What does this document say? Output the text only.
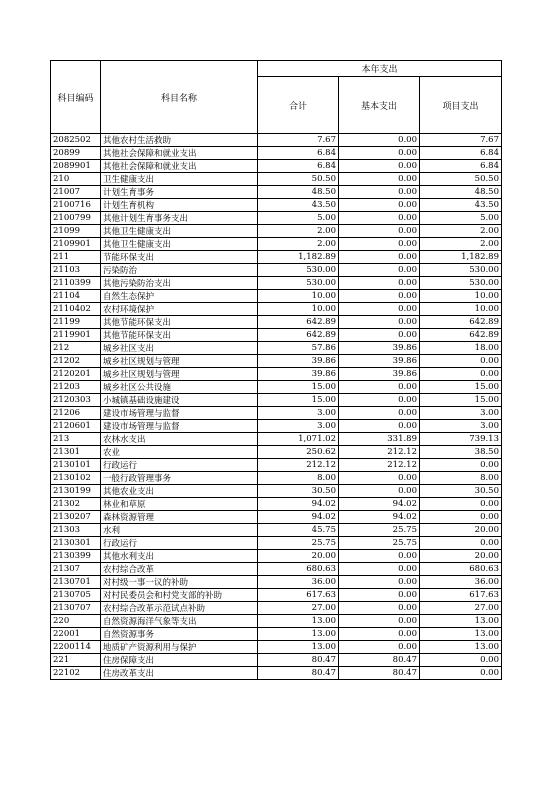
科目编码	科目名称	本年支出		
		合计	基本支出	项目支出
2082502	其他农村生活救助	7.67	0.00	7.67
20899	其他社会保障和就业支出	6.84	0.00	6.84
2089901	其他社会保障和就业支出	6.84	0.00	6.84
210	卫生健康支出	50.50	0.00	50.50
21007	计划生育事务	48.50	0.00	48.50
2100716	计划生育机构	43.50	0.00	43.50
2100799	其他计划生育事务支出	5.00	0.00	5.00
21099	其他卫生健康支出	2.00	0.00	2.00
2109901	其他卫生健康支出	2.00	0.00	2.00
211	节能环保支出	1,182.89	0.00	1,182.89
21103	污染防治	530.00	0.00	530.00
2110399	其他污染防治支出	530.00	0.00	530.00
21104	自然生态保护	10.00	0.00	10.00
2110402	农村环境保护	10.00	0.00	10.00
21199	其他节能环保支出	642.89	0.00	642.89
2119901	其他节能环保支出	642.89	0.00	642.89
212	城乡社区支出	57.86	39.86	18.00
21202	城乡社区规划与管理	39.86	39.86	0.00
2120201	城乡社区规划与管理	39.86	39.86	0.00
21203	城乡社区公共设施	15.00	0.00	15.00
2120303	小城镇基础设施建设	15.00	0.00	15.00
21206	建设市场管理与监督	3.00	0.00	3.00
2120601	建设市场管理与监督	3.00	0.00	3.00
213	农林水支出	1,071.02	331.89	739.13
21301	农业	250.62	212.12	38.50
2130101	行政运行	212.12	212.12	0.00
2130102	一般行政管理事务	8.00	0.00	8.00
2130199	其他农业支出	30.50	0.00	30.50
21302	林业和草原	94.02	94.02	0.00
2130207	森林资源管理	94.02	94.02	0.00
21303	水利	45.75	25.75	20.00
2130301	行政运行	25.75	25.75	0.00
2130399	其他水利支出	20.00	0.00	20.00
21307	农村综合改革	680.63	0.00	680.63
2130701	对村级一事一议的补助	36.00	0.00	36.00
2130705	对村民委员会和村党支部的补助	617.63	0.00	617.63
2130707	农村综合改革示范试点补助	27.00	0.00	27.00
220	自然资源海洋气象等支出	13.00	0.00	13.00
22001	自然资源事务	13.00	0.00	13.00
2200114	地质矿产资源利用与保护	13.00	0.00	13.00
221	住房保障支出	80.47	80.47	0.00
22102	住房改革支出	80.47	80.47	0.00
